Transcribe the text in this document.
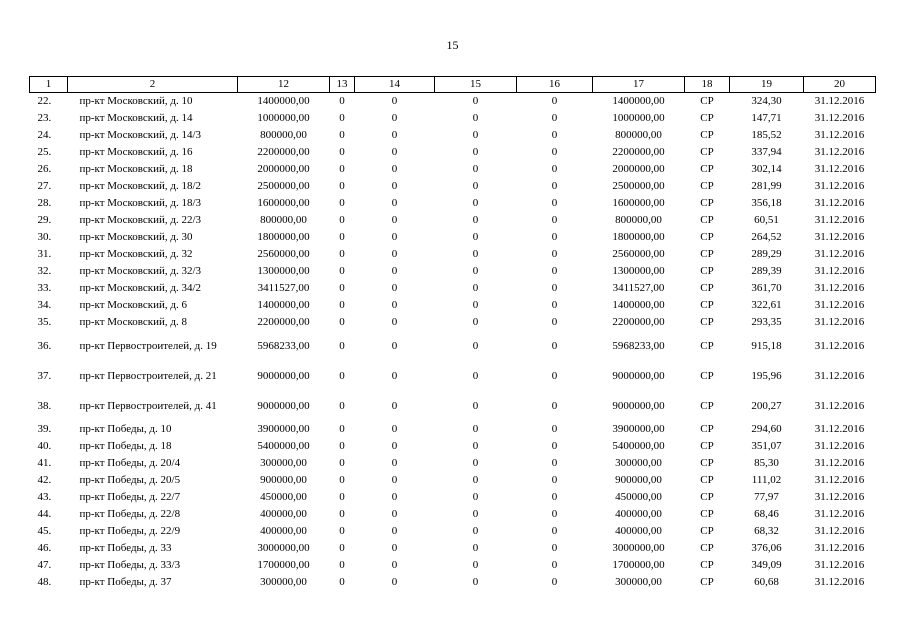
15
1	2	12	13	14	15	16	17	18	19	20
22.	пр-кт Московский, д. 10	1400000,00	0	0	0	0	1400000,00	СР	324,30	31.12.2016
23.	пр-кт Московский, д. 14	1000000,00	0	0	0	0	1000000,00	СР	147,71	31.12.2016
24.	пр-кт Московский, д. 14/3	800000,00	0	0	0	0	800000,00	СР	185,52	31.12.2016
25.	пр-кт Московский, д. 16	2200000,00	0	0	0	0	2200000,00	СР	337,94	31.12.2016
26.	пр-кт Московский, д. 18	2000000,00	0	0	0	0	2000000,00	СР	302,14	31.12.2016
27.	пр-кт Московский, д. 18/2	2500000,00	0	0	0	0	2500000,00	СР	281,99	31.12.2016
28.	пр-кт Московский, д. 18/3	1600000,00	0	0	0	0	1600000,00	СР	356,18	31.12.2016
29.	пр-кт Московский, д. 22/3	800000,00	0	0	0	0	800000,00	СР	60,51	31.12.2016
30.	пр-кт Московский, д. 30	1800000,00	0	0	0	0	1800000,00	СР	264,52	31.12.2016
31.	пр-кт Московский, д. 32	2560000,00	0	0	0	0	2560000,00	СР	289,29	31.12.2016
32.	пр-кт Московский, д. 32/3	1300000,00	0	0	0	0	1300000,00	СР	289,39	31.12.2016
33.	пр-кт Московский, д. 34/2	3411527,00	0	0	0	0	3411527,00	СР	361,70	31.12.2016
34.	пр-кт Московский, д. 6	1400000,00	0	0	0	0	1400000,00	СР	322,61	31.12.2016
35.	пр-кт Московский, д. 8	2200000,00	0	0	0	0	2200000,00	СР	293,35	31.12.2016
36.	пр-кт Первостроителей, д. 19	5968233,00	0	0	0	0	5968233,00	СР	915,18	31.12.2016
37.	пр-кт Первостроителей, д. 21	9000000,00	0	0	0	0	9000000,00	СР	195,96	31.12.2016
38.	пр-кт Первостроителей, д. 41	9000000,00	0	0	0	0	9000000,00	СР	200,27	31.12.2016
39.	пр-кт Победы, д. 10	3900000,00	0	0	0	0	3900000,00	СР	294,60	31.12.2016
40.	пр-кт Победы, д. 18	5400000,00	0	0	0	0	5400000,00	СР	351,07	31.12.2016
41.	пр-кт Победы, д. 20/4	300000,00	0	0	0	0	300000,00	СР	85,30	31.12.2016
42.	пр-кт Победы, д. 20/5	900000,00	0	0	0	0	900000,00	СР	111,02	31.12.2016
43.	пр-кт Победы, д. 22/7	450000,00	0	0	0	0	450000,00	СР	77,97	31.12.2016
44.	пр-кт Победы, д. 22/8	400000,00	0	0	0	0	400000,00	СР	68,46	31.12.2016
45.	пр-кт Победы, д. 22/9	400000,00	0	0	0	0	400000,00	СР	68,32	31.12.2016
46.	пр-кт Победы, д. 33	3000000,00	0	0	0	0	3000000,00	СР	376,06	31.12.2016
47.	пр-кт Победы, д. 33/3	1700000,00	0	0	0	0	1700000,00	СР	349,09	31.12.2016
48.	пр-кт Победы, д. 37	300000,00	0	0	0	0	300000,00	СР	60,68	31.12.2016
